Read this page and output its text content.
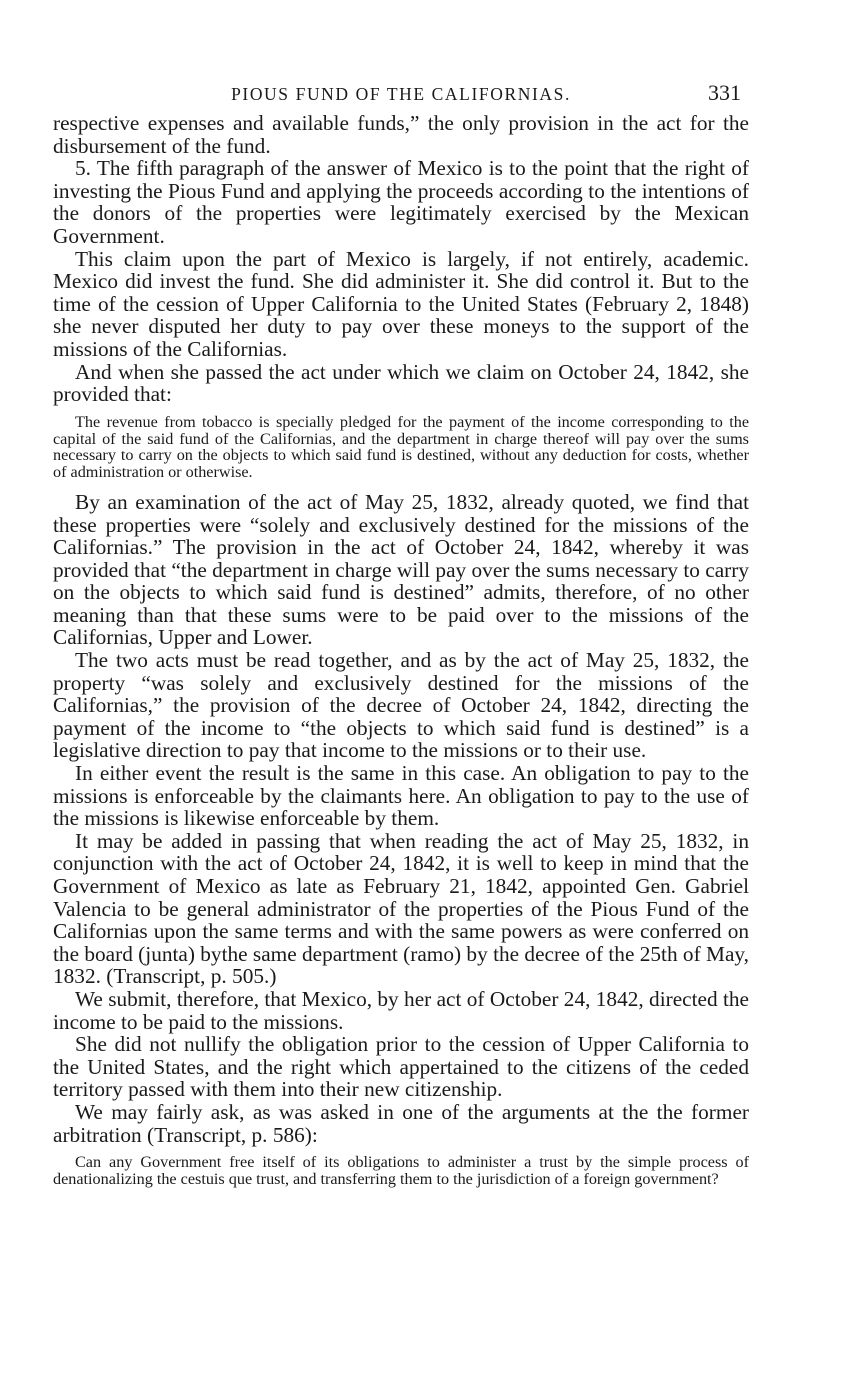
PIOUS FUND OF THE CALIFORNIAS.	331

respective expenses and available funds,” the only provision in the act for the disbursement of the fund.

5. The fifth paragraph of the answer of Mexico is to the point that the right of investing the Pious Fund and applying the proceeds according to the intentions of the donors of the properties were legitimately exercised by the Mexican Government.

This claim upon the part of Mexico is largely, if not entirely, academic. Mexico did invest the fund. She did administer it. She did control it. But to the time of the cession of Upper California to the United States (February 2, 1848) she never disputed her duty to pay over these moneys to the support of the missions of the Californias.

And when she passed the act under which we claim on October 24, 1842, she provided that:

The revenue from tobacco is specially pledged for the payment of the income corresponding to the capital of the said fund of the Californias, and the department in charge thereof will pay over the sums necessary to carry on the objects to which said fund is destined, without any deduction for costs, whether of administration or otherwise.

By an examination of the act of May 25, 1832, already quoted, we find that these properties were “solely and exclusively destined for the missions of the Californias.” The provision in the act of October 24, 1842, whereby it was provided that “the department in charge will pay over the sums necessary to carry on the objects to which said fund is destined” admits, therefore, of no other meaning than that these sums were to be paid over to the missions of the Californias, Upper and Lower.

The two acts must be read together, and as by the act of May 25, 1832, the property “was solely and exclusively destined for the missions of the Californias,” the provision of the decree of October 24, 1842, directing the payment of the income to “the objects to which said fund is destined” is a legislative direction to pay that income to the missions or to their use.

In either event the result is the same in this case. An obligation to pay to the missions is enforceable by the claimants here. An obligation to pay to the use of the missions is likewise enforceable by them.

It may be added in passing that when reading the act of May 25, 1832, in conjunction with the act of October 24, 1842, it is well to keep in mind that the Government of Mexico as late as February 21, 1842, appointed Gen. Gabriel Valencia to be general administrator of the properties of the Pious Fund of the Californias upon the same terms and with the same powers as were conferred on the board (junta) bythe same department (ramo) by the decree of the 25th of May, 1832. (Transcript, p. 505.)

We submit, therefore, that Mexico, by her act of October 24, 1842, directed the income to be paid to the missions.

She did not nullify the obligation prior to the cession of Upper California to the United States, and the right which appertained to the citizens of the ceded territory passed with them into their new citizenship.

We may fairly ask, as was asked in one of the arguments at the the former arbitration (Transcript, p. 586):

Can any Government free itself of its obligations to administer a trust by the simple process of denationalizing the cestuis que trust, and transferring them to the jurisdiction of a foreign government?
